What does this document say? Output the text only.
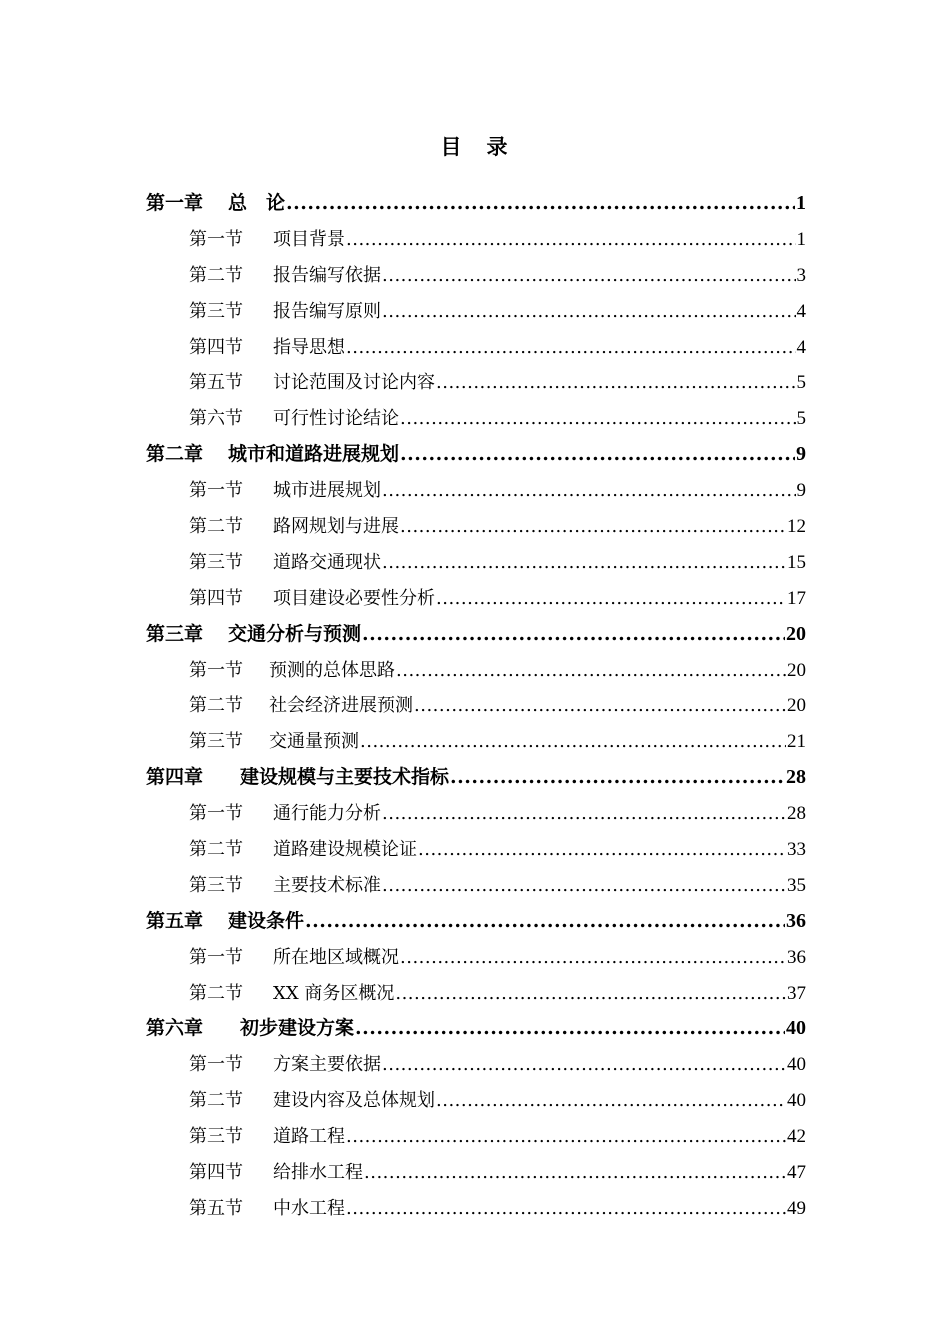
目　录
第一章	总　论 .....	1
第一节	项目背景 .....	1
第二节	报告编写依据 .....	3
第三节	报告编写原则 .....	4
第四节	指导思想 .....	4
第五节	讨论范围及讨论内容 .....	5
第六节	可行性讨论结论 .....	5
第二章	城市和道路进展规划 .....	9
第一节	城市进展规划 .....	9
第二节	路网规划与进展 .....	12
第三节	道路交通现状 .....	15
第四节	项目建设必要性分析 .....	17
第三章	交通分析与预测 .....	20
第一节	预测的总体思路 .....	20
第二节	社会经济进展预测 .....	20
第三节	交通量预测 .....	21
第四章	建设规模与主要技术指标 .....	28
第一节	通行能力分析 .....	28
第二节	道路建设规模论证 .....	33
第三节	主要技术标准 .....	35
第五章	建设条件 .....	36
第一节	所在地区域概况 .....	36
第二节	XX 商务区概况 .....	37
第六章	初步建设方案 .....	40
第一节	方案主要依据 .....	40
第二节	建设内容及总体规划 .....	40
第三节	道路工程 .....	42
第四节	给排水工程 .....	47
第五节	中水工程 .....	49
